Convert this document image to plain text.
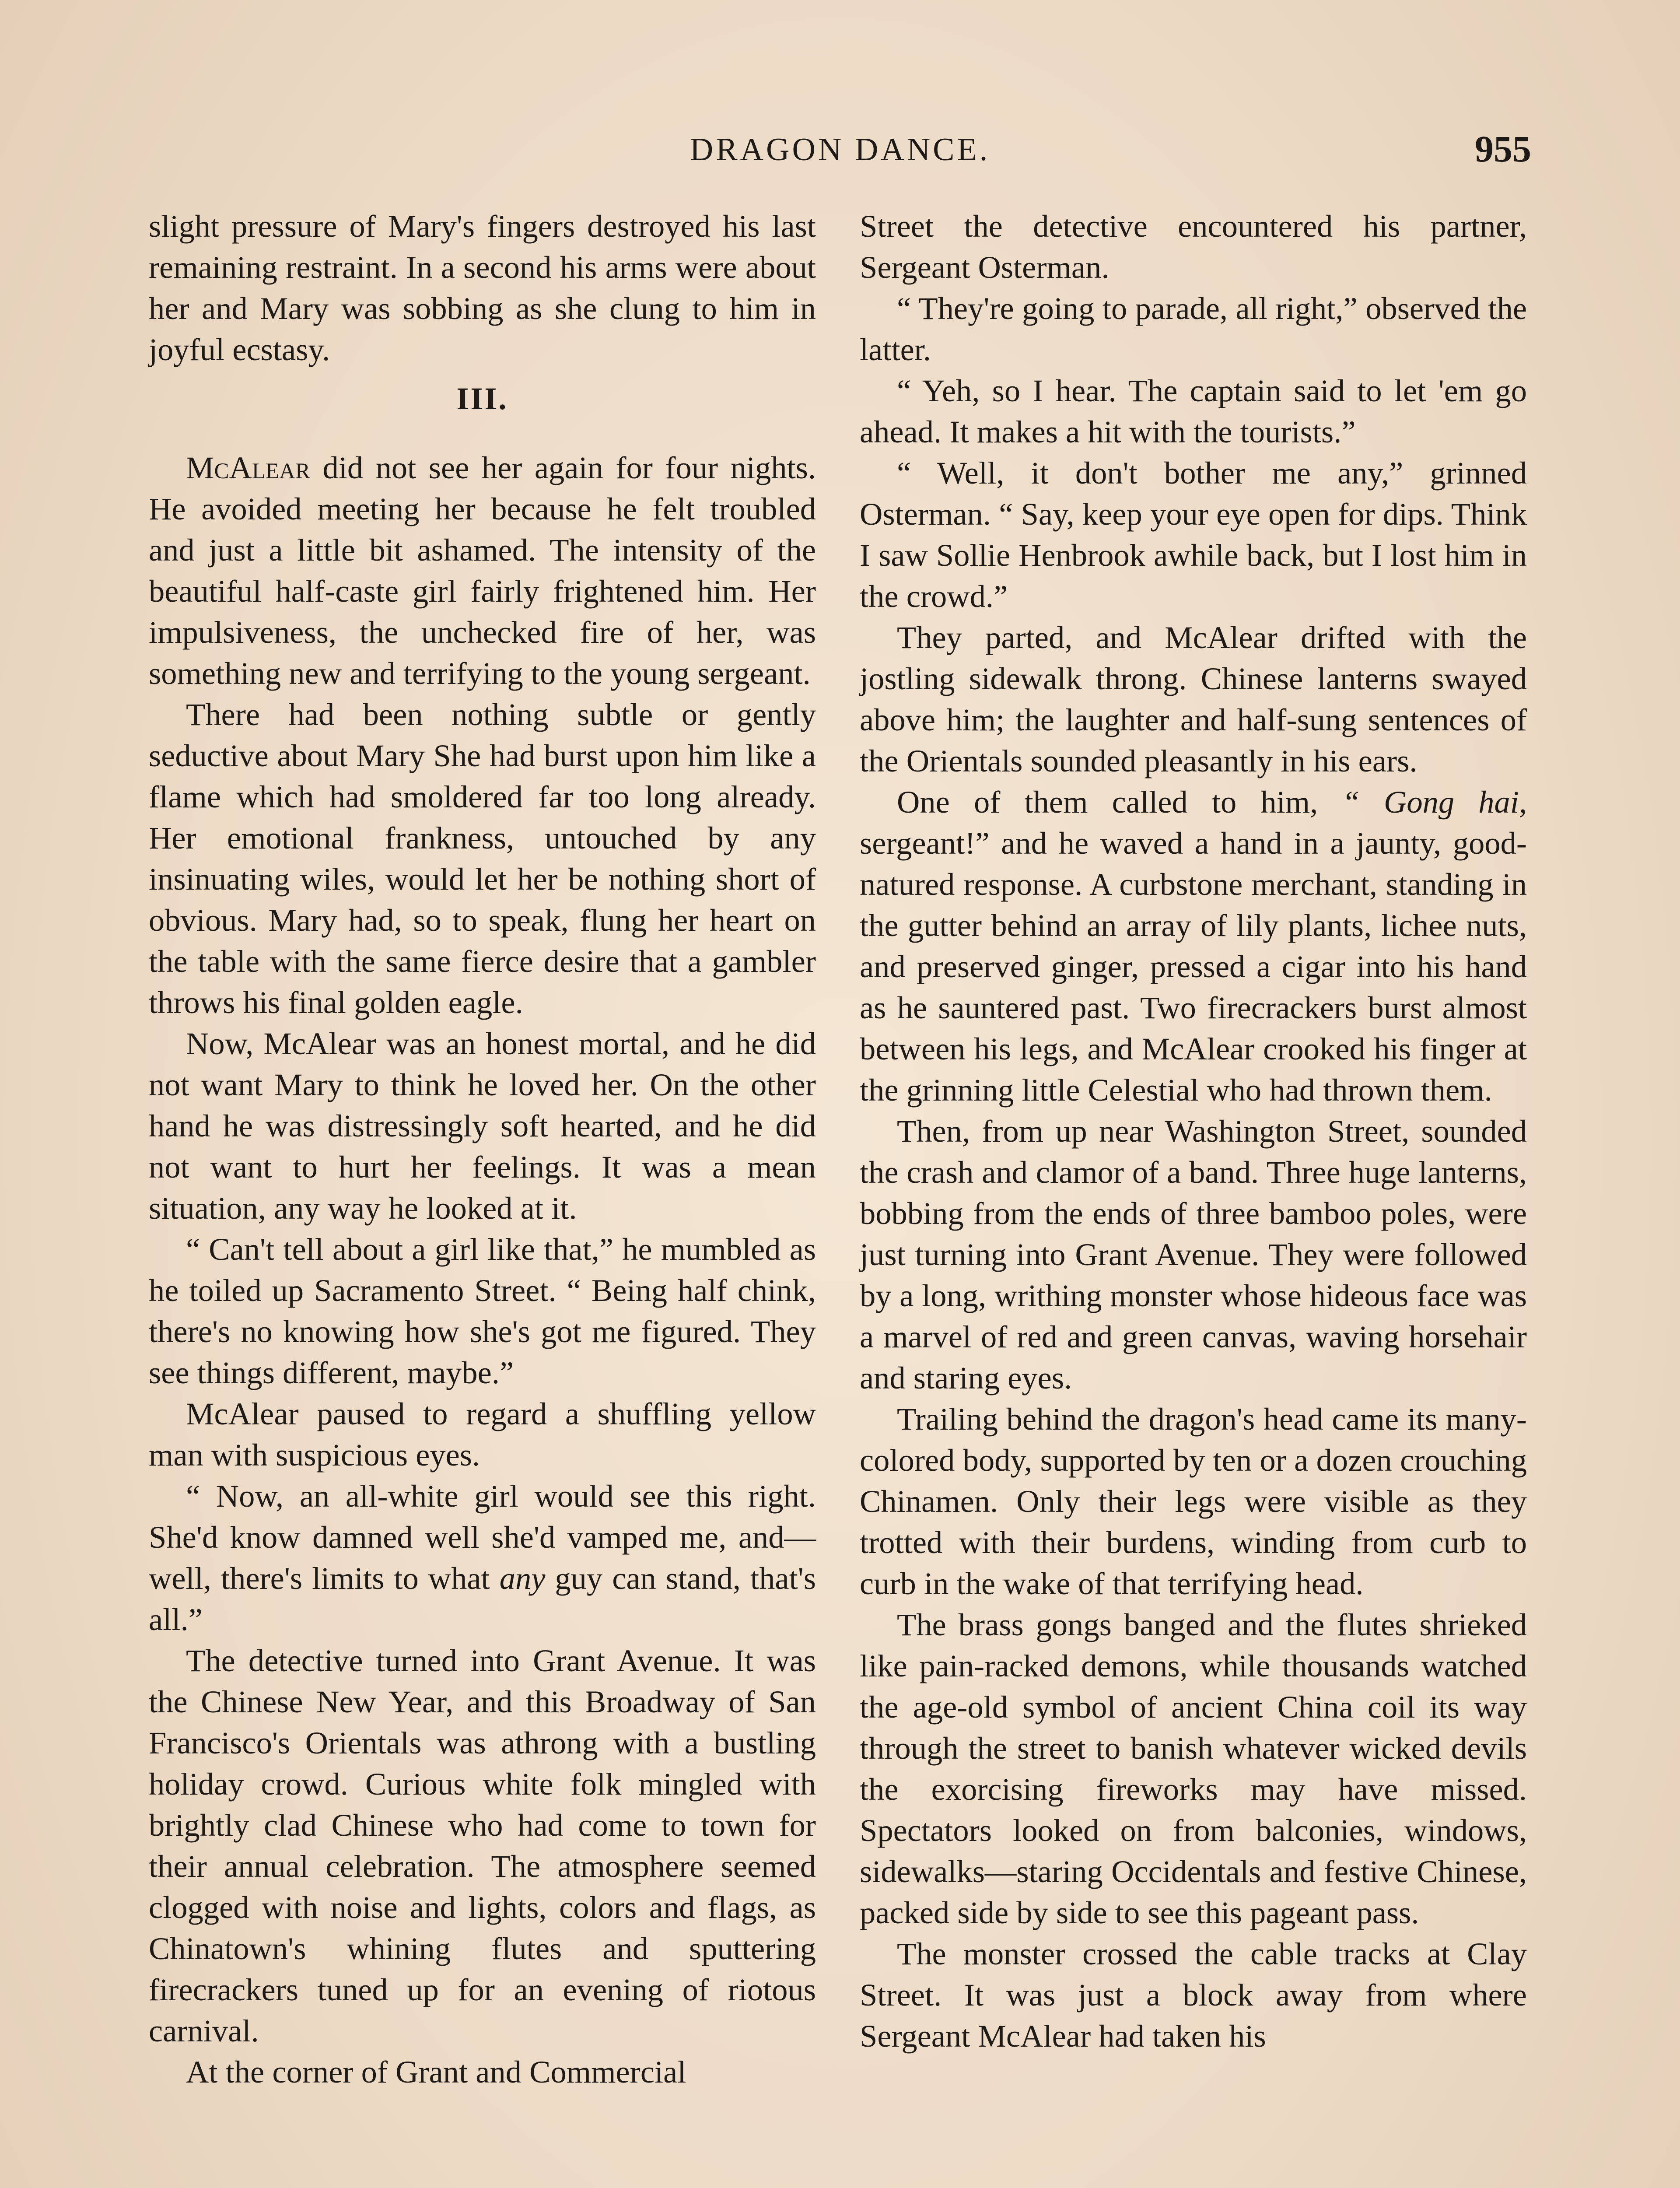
DRAGON DANCE.	955

slight pressure of Mary's fingers destroyed his last remaining restraint. In a second his arms were about her and Mary was sobbing as she clung to him in joyful ecstasy.

III.

McAlear did not see her again for four nights. He avoided meeting her because he felt troubled and just a little bit ashamed. The intensity of the beautiful half-caste girl fairly frightened him. Her impulsiveness, the unchecked fire of her, was something new and terrifying to the young sergeant.

There had been nothing subtle or gently seductive about Mary She had burst upon him like a flame which had smoldered far too long already. Her emotional frankness, untouched by any insinuating wiles, would let her be nothing short of obvious. Mary had, so to speak, flung her heart on the table with the same fierce desire that a gambler throws his final golden eagle.

Now, McAlear was an honest mortal, and he did not want Mary to think he loved her. On the other hand he was distressingly soft hearted, and he did not want to hurt her feelings. It was a mean situation, any way he looked at it.

“ Can't tell about a girl like that,” he mumbled as he toiled up Sacramento Street. “ Being half chink, there's no knowing how she's got me figured. They see things different, maybe.”

McAlear paused to regard a shuffling yellow man with suspicious eyes.

“ Now, an all-white girl would see this right. She'd know damned well she'd vamped me, and—well, there's limits to what any guy can stand, that's all.”

The detective turned into Grant Avenue. It was the Chinese New Year, and this Broadway of San Francisco's Orientals was athrong with a bustling holiday crowd. Curious white folk mingled with brightly clad Chinese who had come to town for their annual celebration. The atmosphere seemed clogged with noise and lights, colors and flags, as Chinatown's whining flutes and sputtering firecrackers tuned up for an evening of riotous carnival.

At the corner of Grant and Commercial

Street the detective encountered his partner, Sergeant Osterman.

“ They're going to parade, all right,” observed the latter.

“ Yeh, so I hear. The captain said to let 'em go ahead. It makes a hit with the tourists.”

“ Well, it don't bother me any,” grinned Osterman. “ Say, keep your eye open for dips. Think I saw Sollie Henbrook awhile back, but I lost him in the crowd.”

They parted, and McAlear drifted with the jostling sidewalk throng. Chinese lanterns swayed above him; the laughter and half-sung sentences of the Orientals sounded pleasantly in his ears.

One of them called to him, “ Gong hai, sergeant!” and he waved a hand in a jaunty, good-natured response. A curbstone merchant, standing in the gutter behind an array of lily plants, lichee nuts, and preserved ginger, pressed a cigar into his hand as he sauntered past. Two firecrackers burst almost between his legs, and McAlear crooked his finger at the grinning little Celestial who had thrown them.

Then, from up near Washington Street, sounded the crash and clamor of a band. Three huge lanterns, bobbing from the ends of three bamboo poles, were just turning into Grant Avenue. They were followed by a long, writhing monster whose hideous face was a marvel of red and green canvas, waving horsehair and staring eyes.

Trailing behind the dragon's head came its many-colored body, supported by ten or a dozen crouching Chinamen. Only their legs were visible as they trotted with their burdens, winding from curb to curb in the wake of that terrifying head.

The brass gongs banged and the flutes shrieked like pain-racked demons, while thousands watched the age-old symbol of ancient China coil its way through the street to banish whatever wicked devils the exorcising fireworks may have missed. Spectators looked on from balconies, windows, sidewalks—staring Occidentals and festive Chinese, packed side by side to see this pageant pass.

The monster crossed the cable tracks at Clay Street. It was just a block away from where Sergeant McAlear had taken his
